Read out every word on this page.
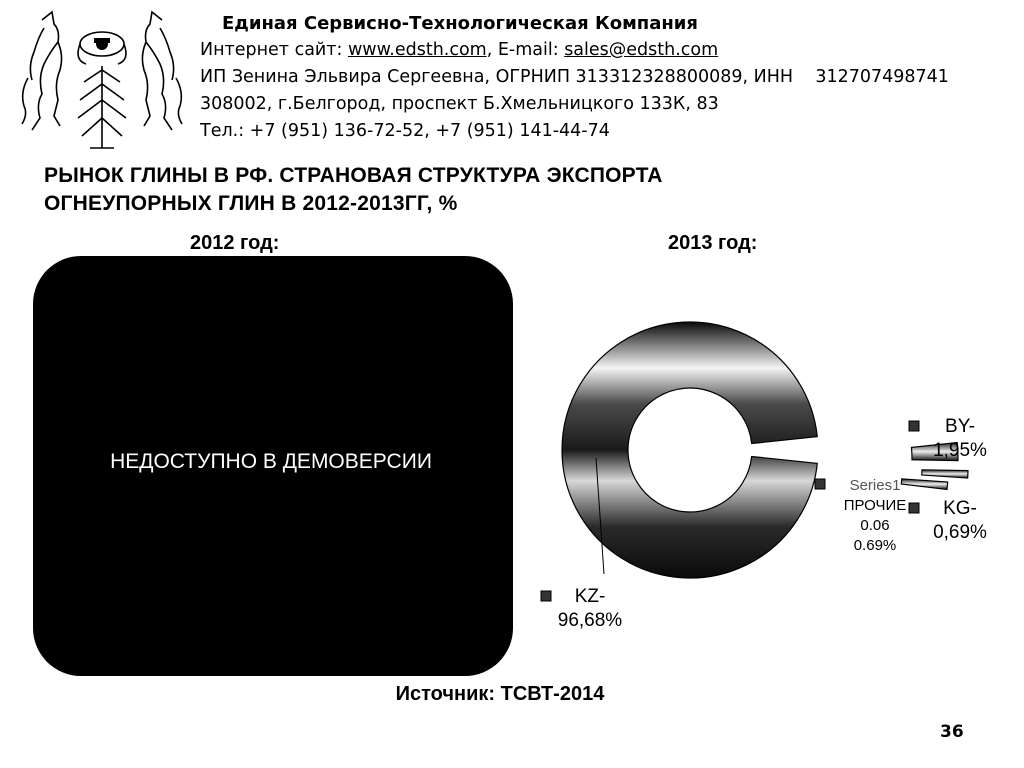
Единая Сервисно-Технологическая Компания
Интернет сайт: www.edsth.com, E-mail: sales@edsth.com
ИП Зенина Эльвира Сергеевна, ОГРНИП 313312328800089, ИНН    312707498741
308002, г.Белгород, проспект Б.Хмельницкого 133К, 83
Тел.: +7 (951) 136-72-52, +7 (951) 141-44-74
РЫНОК ГЛИНЫ В РФ. СТРАНОВАЯ СТРУКТУРА ЭКСПОРТА
ОГНЕУПОРНЫХ ГЛИН В 2012-2013ГГ, %
2012 год:	2013 год:
НЕДОСТУПНО В ДЕМОВЕРСИИ
KZ-
96,68%
BY-
1,95%
KG-
0,69%
Series1
ПРОЧИЕ
0.06
0.69%
Источник: ТСВТ-2014
36
